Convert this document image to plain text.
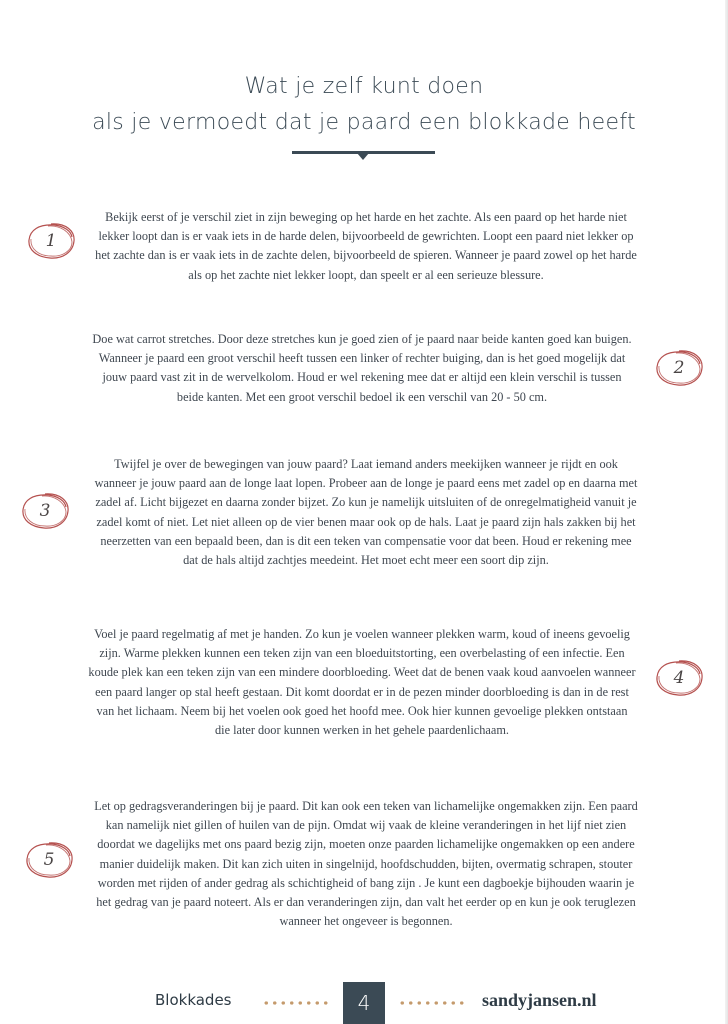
Wat je zelf kunt doen
als je vermoedt dat je paard een blokkade heeft
1

Bekijk eerst of je verschil ziet in zijn beweging op het harde en het zachte. Als een paard op het harde niet lekker loopt dan is er vaak iets in de harde delen, bijvoorbeeld de gewrichten. Loopt een paard niet lekker op het zachte dan is er vaak iets in de zachte delen, bijvoorbeeld de spieren. Wanneer je paard zowel op het harde als op het zachte niet lekker loopt, dan speelt er al een serieuze blessure.

2

Doe wat carrot stretches. Door deze stretches kun je goed zien of je paard naar beide kanten goed kan buigen. Wanneer je paard een groot verschil heeft tussen een linker of rechter buiging, dan is het goed mogelijk dat jouw paard vast zit in de wervelkolom. Houd er wel rekening mee dat er altijd een klein verschil is tussen beide kanten. Met een groot verschil bedoel ik een verschil van 20 - 50 cm.

3

Twijfel je over de bewegingen van jouw paard? Laat iemand anders meekijken wanneer je rijdt en ook wanneer je jouw paard aan de longe laat lopen. Probeer aan de longe je paard eens met zadel op en daarna met zadel af. Licht bijgezet en daarna zonder bijzet. Zo kun je namelijk uitsluiten of de onregelmatigheid vanuit je zadel komt of niet. Let niet alleen op de vier benen maar ook op de hals. Laat je paard zijn hals zakken bij het neerzetten van een bepaald been, dan is dit een teken van compensatie voor dat been. Houd er rekening mee dat de hals altijd zachtjes meedeint. Het moet echt meer een soort dip zijn.

4

Voel je paard regelmatig af met je handen. Zo kun je voelen wanneer plekken warm, koud of ineens gevoelig zijn. Warme plekken kunnen een teken zijn van een bloeduitstorting, een overbelasting of een infectie. Een koude plek kan een teken zijn van een mindere doorbloeding. Weet dat de benen vaak koud aanvoelen wanneer een paard langer op stal heeft gestaan. Dit komt doordat er in de pezen minder doorbloeding is dan in de rest van het lichaam. Neem bij het voelen ook goed het hoofd mee. Ook hier kunnen gevoelige plekken ontstaan die later door kunnen werken in het gehele paardenlichaam.

5

Let op gedragsveranderingen bij je paard. Dit kan ook een teken van lichamelijke ongemakken zijn. Een paard kan namelijk niet gillen of huilen van de pijn. Omdat wij vaak de kleine veranderingen in het lijf niet zien doordat we dagelijks met ons paard bezig zijn, moeten onze paarden lichamelijke ongemakken op een andere manier duidelijk maken. Dit kan zich uiten in singelnijd, hoofdschudden, bijten, overmatig schrapen, stouter worden met rijden of ander gedrag als schichtigheid of bang zijn . Je kunt een dagboekje bijhouden waarin je het gedrag van je paard noteert. Als er dan veranderingen zijn, dan valt het eerder op en kun je ook teruglezen wanneer het ongeveer is begonnen.

Blokkades	4	sandyjansen.nl
